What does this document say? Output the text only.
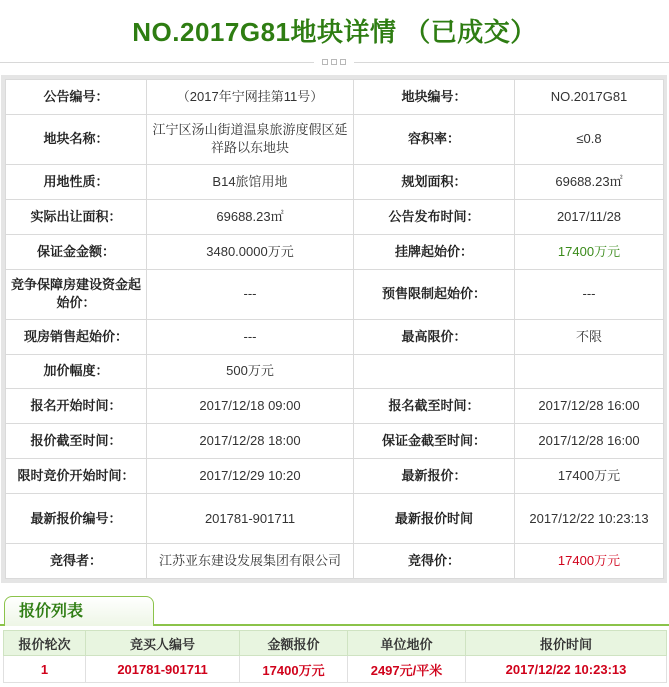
NO.2017G81地块详情 （已成交）
公告编号：	（2017年宁网挂第11号）	地块编号：	NO.2017G81
地块名称：	江宁区汤山街道温泉旅游度假区延祥路以东地块	容积率：	≤0.8
用地性质：	B14旅馆用地	规划面积：	69688.23㎡
实际出让面积：	69688.23㎡	公告发布时间：	2017/11/28
保证金金额：	3480.0000万元	挂牌起始价：	17400万元
竞争保障房建设资金起始价：	---	预售限制起始价：	---
现房销售起始价：	---	最高限价：	不限
加价幅度：	500万元		
报名开始时间：	2017/12/18 09:00	报名截至时间：	2017/12/28 16:00
报价截至时间：	2017/12/28 18:00	保证金截至时间：	2017/12/28 16:00
限时竞价开始时间：	2017/12/29 10:20	最新报价：	17400万元
最新报价编号：	201781-901711	最新报价时间	2017/12/22 10:23:13
竞得者：	江苏亚东建设发展集团有限公司	竞得价：	17400万元
报价列表
报价轮次	竞买人编号	金额报价	单位地价	报价时间
1	201781-901711	17400万元	2497元/平米	2017/12/22 10:23:13
